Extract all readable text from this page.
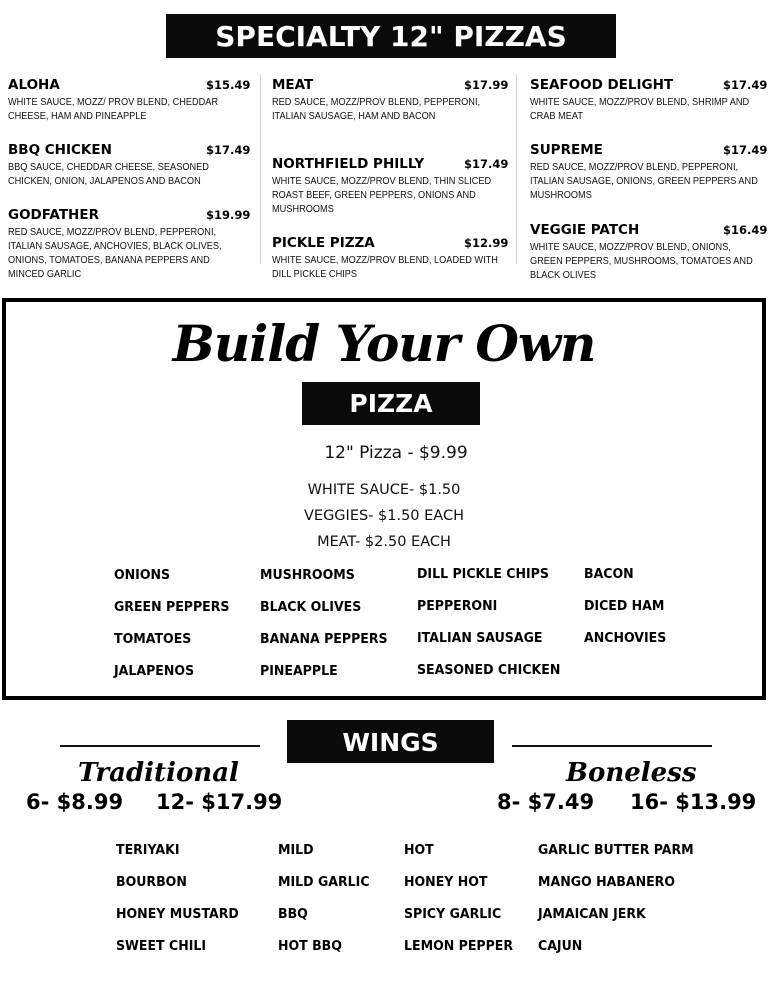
SPECIALTY 12" PIZZAS
ALOHA	$15.49
WHITE SAUCE, MOZZ/ PROV BLEND, CHEDDAR CHEESE, HAM AND PINEAPPLE
BBQ CHICKEN	$17.49
BBQ SAUCE, CHEDDAR CHEESE, SEASONED CHICKEN, ONION, JALAPENOS AND BACON
GODFATHER	$19.99
RED SAUCE, MOZZ/PROV BLEND, PEPPERONI, ITALIAN SAUSAGE, ANCHOVIES, BLACK OLIVES, ONIONS, TOMATOES, BANANA PEPPERS AND MINCED GARLIC
MEAT	$17.99
RED SAUCE, MOZZ/PROV BLEND, PEPPERONI, ITALIAN SAUSAGE, HAM AND BACON
NORTHFIELD PHILLY	$17.49
WHITE SAUCE, MOZZ/PROV BLEND, THIN SLICED ROAST BEEF, GREEN PEPPERS, ONIONS AND MUSHROOMS
PICKLE PIZZA	$12.99
WHITE SAUCE, MOZZ/PROV BLEND, LOADED WITH DILL PICKLE CHIPS
SEAFOOD DELIGHT	$17.49
WHITE SAUCE, MOZZ/PROV BLEND, SHRIMP AND CRAB MEAT
SUPREME	$17.49
RED SAUCE, MOZZ/PROV BLEND, PEPPERONI, ITALIAN SAUSAGE, ONIONS, GREEN PEPPERS AND MUSHROOMS
VEGGIE PATCH	$16.49
WHITE SAUCE, MOZZ/PROV BLEND, ONIONS, GREEN PEPPERS, MUSHROOMS, TOMATOES AND BLACK OLIVES
Build Your Own
PIZZA
12" Pizza - $9.99
WHITE SAUCE- $1.50
VEGGIES- $1.50 EACH
MEAT- $2.50 EACH
ONIONS
GREEN PEPPERS
TOMATOES
JALAPENOS
MUSHROOMS
BLACK OLIVES
BANANA PEPPERS
PINEAPPLE
DILL PICKLE CHIPS
PEPPERONI
ITALIAN SAUSAGE
SEASONED CHICKEN
BACON
DICED HAM
ANCHOVIES
WINGS
Traditional
6- $8.99 12- $17.99
Boneless
8- $7.49 16- $13.99
TERIYAKI
BOURBON
HONEY MUSTARD
SWEET CHILI
MILD
MILD GARLIC
BBQ
HOT BBQ
HOT
HONEY HOT
SPICY GARLIC
LEMON PEPPER
GARLIC BUTTER PARM
MANGO HABANERO
JAMAICAN JERK
CAJUN
